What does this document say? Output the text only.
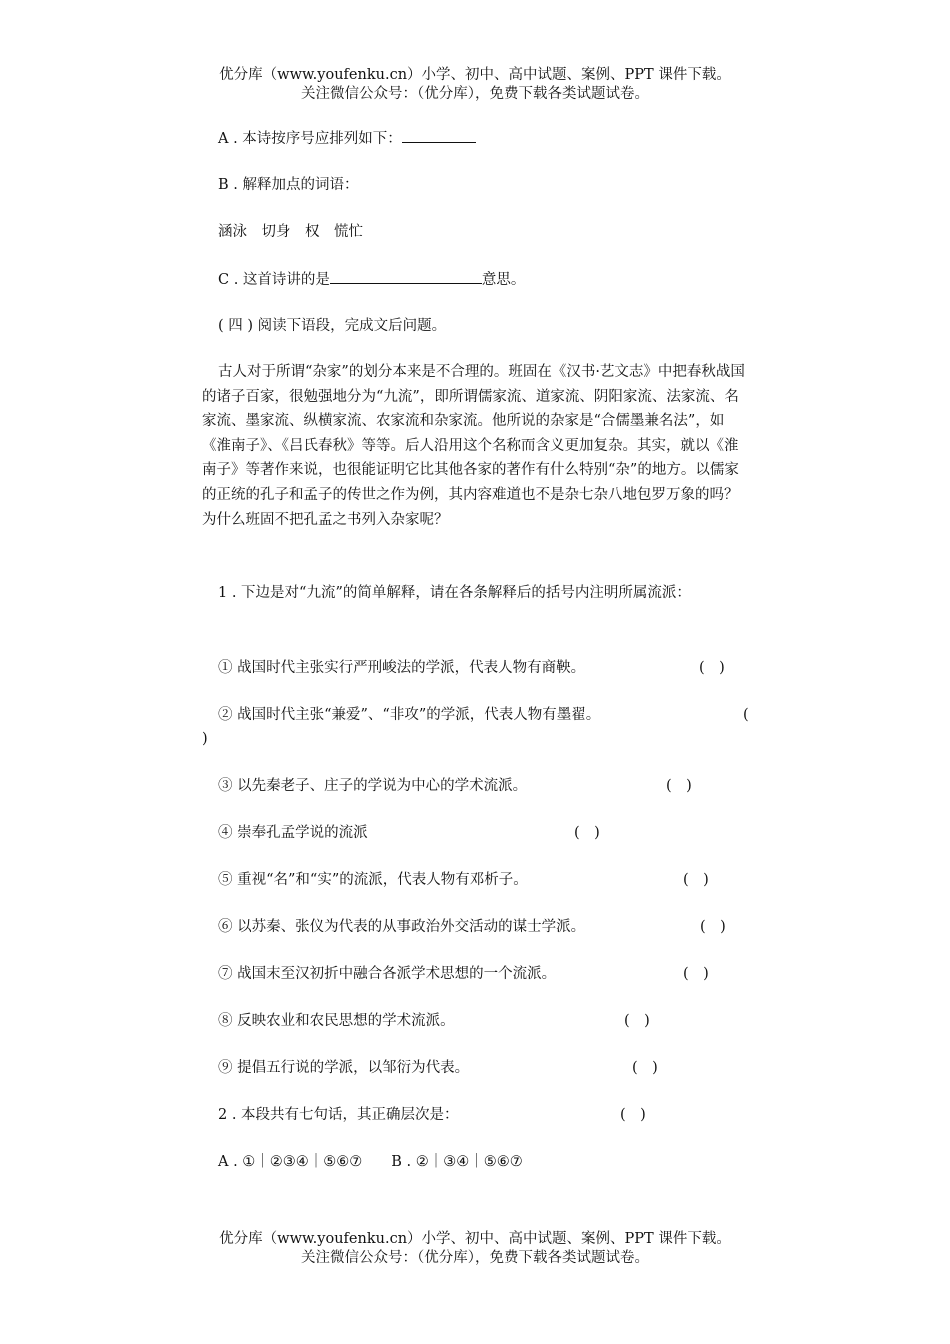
优分库（www.youfenku.cn）小学、初中、高中试题、案例、PPT 课件下载。
关注微信公众号：（优分库），免费下载各类试题试卷。
A . 本诗按序号应排列如下：
B . 解释加点的词语：
涵泳　切身　权　慌忙
C . 这首诗讲的是	意思。
( 四 ) 阅读下语段，完成文后问题。
古人对于所谓“杂家”的划分本来是不合理的。班固在《汉书·艺文志》中把春秋战国的诸子百家，很勉强地分为“九流”，即所谓儒家流、道家流、阴阳家流、法家流、名家流、墨家流、纵横家流、农家流和杂家流。他所说的杂家是“合儒墨兼名法”，如《淮南子》、《吕氏春秋》等等。后人沿用这个名称而含义更加复杂。其实，就以《淮南子》等著作来说，也很能证明它比其他各家的著作有什么特别“杂”的地方。以儒家的正统的孔子和孟子的传世之作为例，其内容难道也不是杂七杂八地包罗万象的吗？为什么班固不把孔孟之书列入杂家呢？
1 . 下边是对“九流”的简单解释，请在各条解释后的括号内注明所属流派：
① 战国时代主张实行严刑峻法的学派，代表人物有商鞅。	(　)
② 战国时代主张“兼爱”、“非攻”的学派，代表人物有墨翟。	(
)
③ 以先秦老子、庄子的学说为中心的学术流派。	(　)
④ 崇奉孔孟学说的流派	(　)
⑤ 重视“名”和“实”的流派，代表人物有邓析子。	(　)
⑥ 以苏秦、张仪为代表的从事政治外交活动的谋士学派。	(　)
⑦ 战国末至汉初折中融合各派学术思想的一个流派。	(　)
⑧ 反映农业和农民思想的学术流派。	(　)
⑨ 提倡五行说的学派，以邹衍为代表。	(　)
2 . 本段共有七句话，其正确层次是：	(　)
A . ①｜②③④｜⑤⑥⑦　　B . ②｜③④｜⑤⑥⑦
优分库（www.youfenku.cn）小学、初中、高中试题、案例、PPT 课件下载。
关注微信公众号：（优分库），免费下载各类试题试卷。
